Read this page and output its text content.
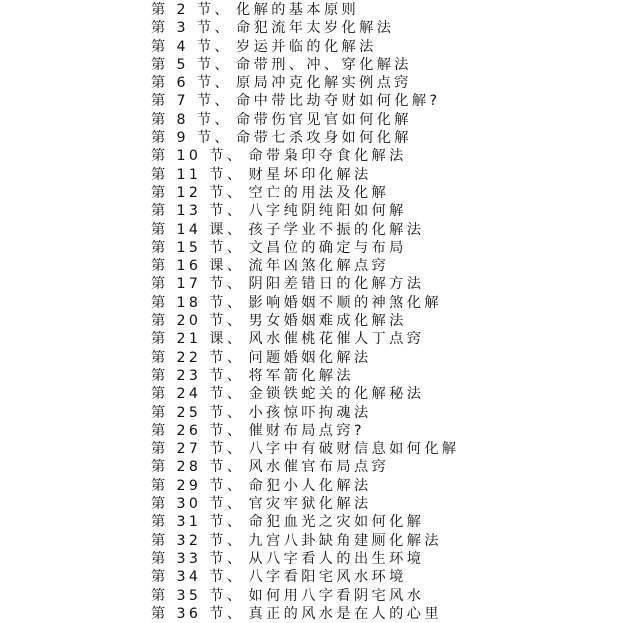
第 2 节、 化解的基本原则
第 3 节、 命犯流年太岁化解法
第 4 节、 岁运并临的化解法
第 5 节、 命带刑、冲、穿化解法
第 6 节、 原局冲克化解实例点窍
第 7 节、 命中带比劫夺财如何化解?
第 8 节、 命带伤官见官如何化解
第 9 节、 命带七杀攻身如何化解
第 10 节、 命带枭印夺食化解法
第 11 节、 财星坏印化解法
第 12 节、 空亡的用法及化解
第 13 节、 八字纯阴纯阳如何解
第 14 课、 孩子学业不振的化解法
第 15 节、 文昌位的确定与布局
第 16 课、 流年凶煞化解点窍
第 17 节、 阴阳差错日的化解方法
第 18 节、 影响婚姻不顺的神煞化解
第 20 节、 男女婚姻难成化解法
第 21 课、 风水催桃花催人丁点窍
第 22 节、 问题婚姻化解法
第 23 节、 将军箭化解法
第 24 节、 金锁铁蛇关的化解秘法
第 25 节、 小孩惊吓拘魂法
第 26 节、 催财布局点窍?
第 27 节、 八字中有破财信息如何化解
第 28 节、 风水催官布局点窍
第 29 节、 命犯小人化解法
第 30 节、 官灾牢狱化解法
第 31 节、 命犯血光之灾如何化解
第 32 节、 九宫八卦缺角建厕化解法
第 33 节、 从八字看人的出生环境
第 34 节、 八字看阳宅风水环境
第 35 节、 如何用八字看阴宅风水
第 36 节、 真正的风水是在人的心里
